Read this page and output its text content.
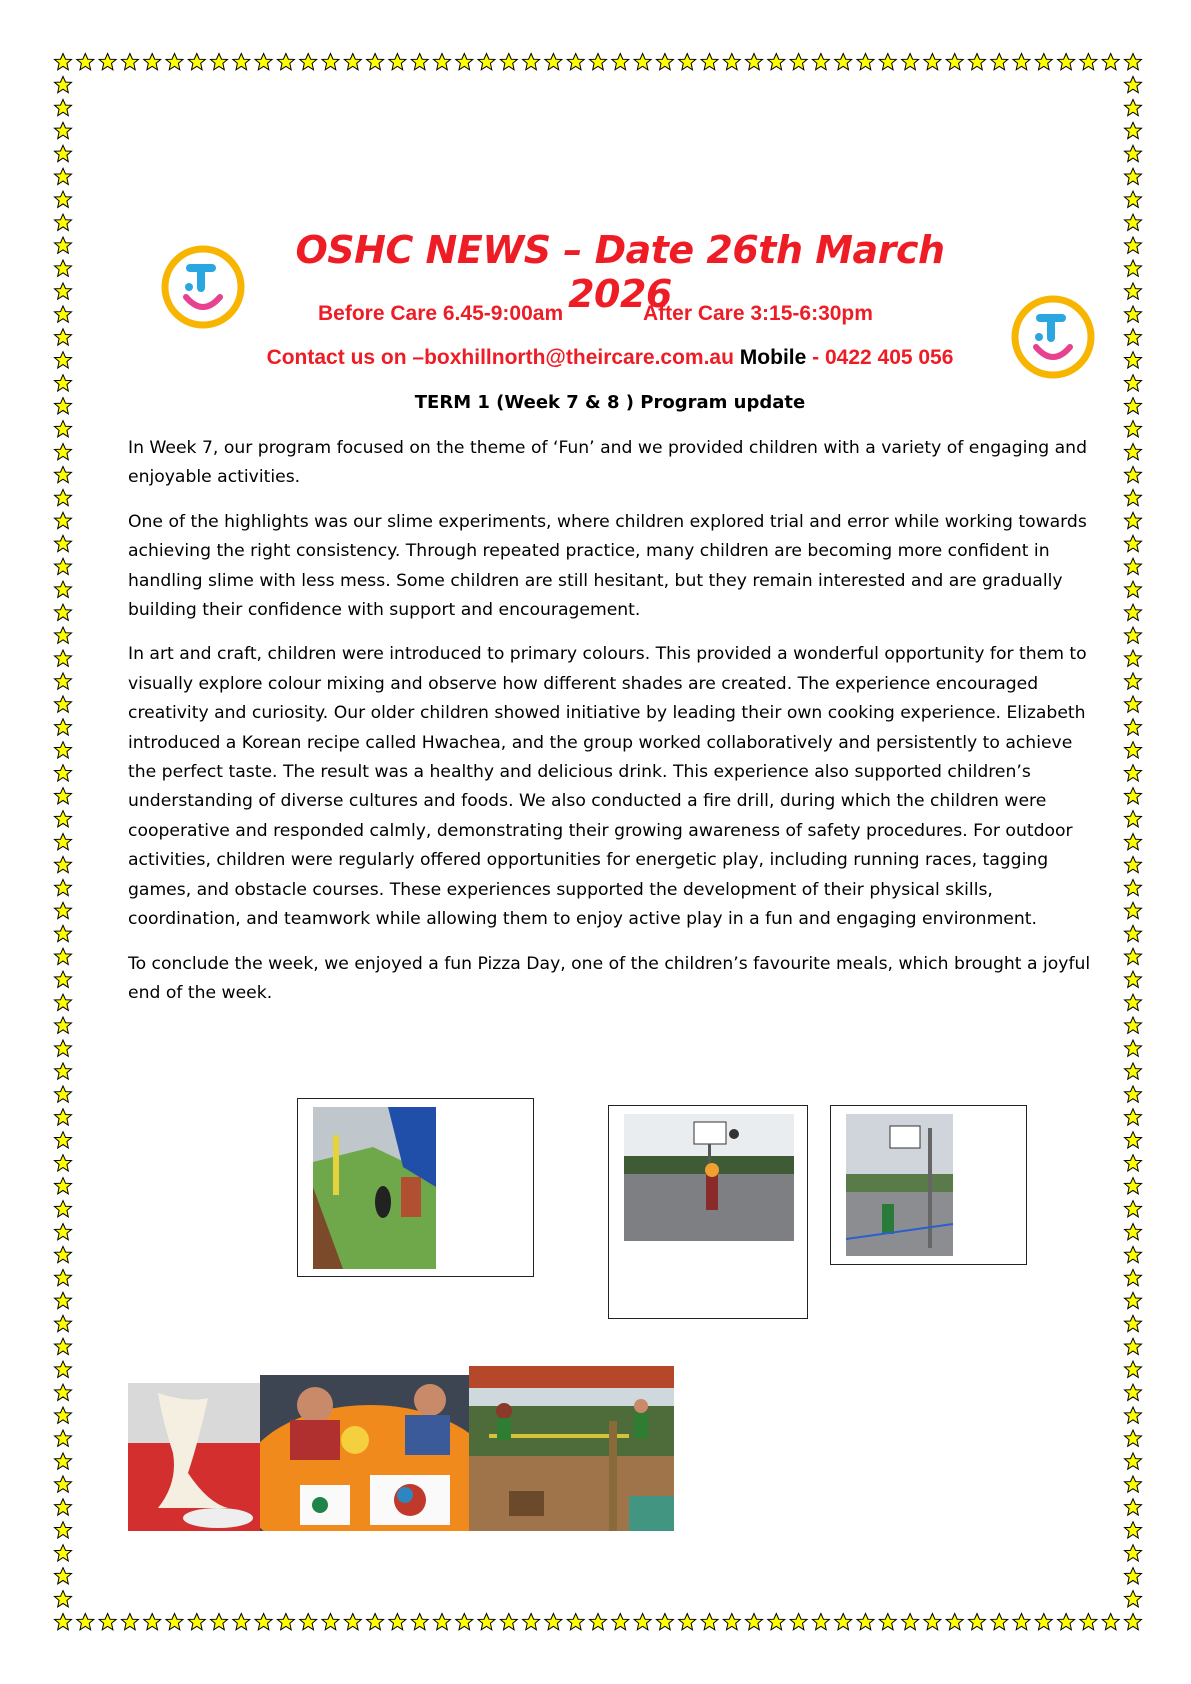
OSHC NEWS – Date 26th March 2026
Before Care 6.45-9:00am	After Care 3:15-6:30pm
Contact us on –boxhillnorth@theircare.com.au Mobile - 0422 405 056
TERM 1 (Week 7 & 8 ) Program update

In Week 7, our program focused on the theme of ‘Fun’ and we provided children with a variety of engaging and enjoyable activities.

One of the highlights was our slime experiments, where children explored trial and error while working towards achieving the right consistency. Through repeated practice, many children are becoming more confident in handling slime with less mess. Some children are still hesitant, but they remain interested and are gradually building their confidence with support and encouragement.

In art and craft, children were introduced to primary colours. This provided a wonderful opportunity for them to visually explore colour mixing and observe how different shades are created. The experience encouraged creativity and curiosity. Our older children showed initiative by leading their own cooking experience. Elizabeth introduced a Korean recipe called Hwachea, and the group worked collaboratively and persistently to achieve the perfect taste. The result was a healthy and delicious drink. This experience also supported children’s understanding of diverse cultures and foods. We also conducted a fire drill, during which the children were cooperative and responded calmly, demonstrating their growing awareness of safety procedures. For outdoor activities, children were regularly offered opportunities for energetic play, including running races, tagging games, and obstacle courses. These experiences supported the development of their physical skills, coordination, and teamwork while allowing them to enjoy active play in a fun and engaging environment.

To conclude the week, we enjoyed a fun Pizza Day, one of the children’s favourite meals, which brought a joyful end of the week.
